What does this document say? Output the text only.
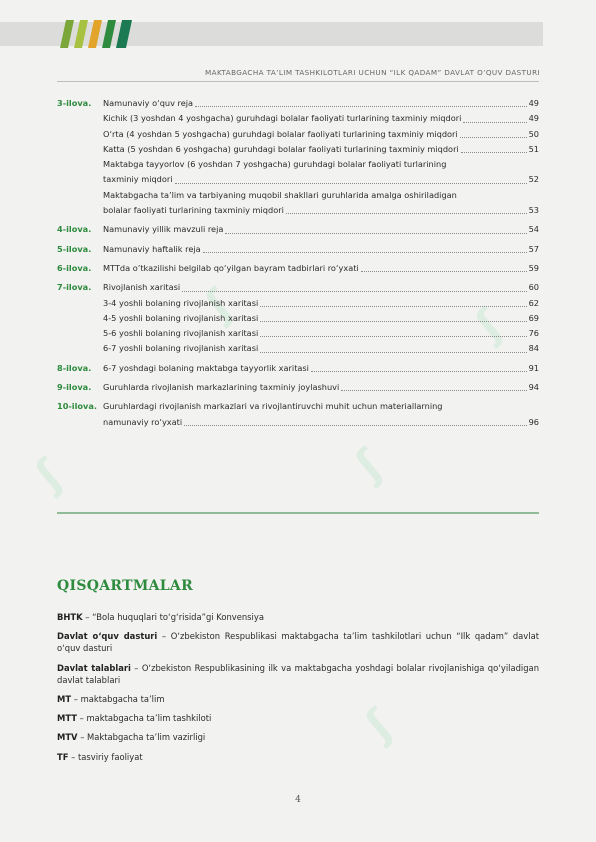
MAKTABGACHA TA’LIM TASHKILOTLARI UCHUN “ILK QADAM” DAVLAT O’QUV DASTURI
ʃ	ʃ
ʃ	ʃ
ʃ
3-ilova.	Namunaviy o‘quv reja	49
Kichik (3 yoshdan 4 yoshgacha) guruhdagi bolalar faoliyati turlarining taxminiy miqdori	49
O‘rta (4 yoshdan 5 yoshgacha) guruhdagi bolalar faoliyati turlarining taxminiy miqdori	50
Katta (5 yoshdan 6 yoshgacha) guruhdagi bolalar faoliyati turlarining taxminiy miqdori	51
Maktabga tayyorlov (6 yoshdan 7 yoshgacha) guruhdagi bolalar faoliyati turlarining
taxminiy miqdori	52
Maktabgacha ta’lim va tarbiyaning muqobil shakllari guruhlarida amalga oshiriladigan
bolalar faoliyati turlarining taxminiy miqdori	53
4-ilova.	Namunaviy yillik mavzuli reja	54
5-ilova.	Namunaviy haftalik reja	57
6-ilova.	MTTda o’tkazilishi belgilab qo‘yilgan bayram tadbirlari ro‘yxati	59
7-ilova.	Rivojlanish xaritasi	60
3-4 yoshli bolaning rivojlanish xaritasi	62
4-5 yoshli bolaning rivojlanish xaritasi	69
5-6 yoshli bolaning rivojlanish xaritasi	76
6-7 yoshli bolaning rivojlanish xaritasi	84
8-ilova.	6-7 yoshdagi bolaning maktabga tayyorlik xaritasi	91
9-ilova.	Guruhlarda rivojlanish markazlarining taxminiy joylashuvi	94
10-ilova. Guruhlardagi rivojlanish markazlari va rivojlantiruvchi muhit uchun materiallarning
namunaviy ro‘yxati	96
QISQARTMALAR

BHTK – “Bola huquqlari to‘g‘risida”gi Konvensiya

Davlat o‘quv dasturi – O‘zbekiston Respublikasi maktabgacha ta’lim tashkilotlari uchun “Ilk qadam” davlat o‘quv dasturi

Davlat talablari – O‘zbekiston Respublikasining ilk va maktabgacha yoshdagi bolalar rivojlanishiga qo‘yiladigan davlat talablari

MT – maktabgacha ta’lim

MTT – maktabgacha ta’lim tashkiloti

MTV – Maktabgacha ta’lim vazirligi

TF – tasviriy faoliyat

4
